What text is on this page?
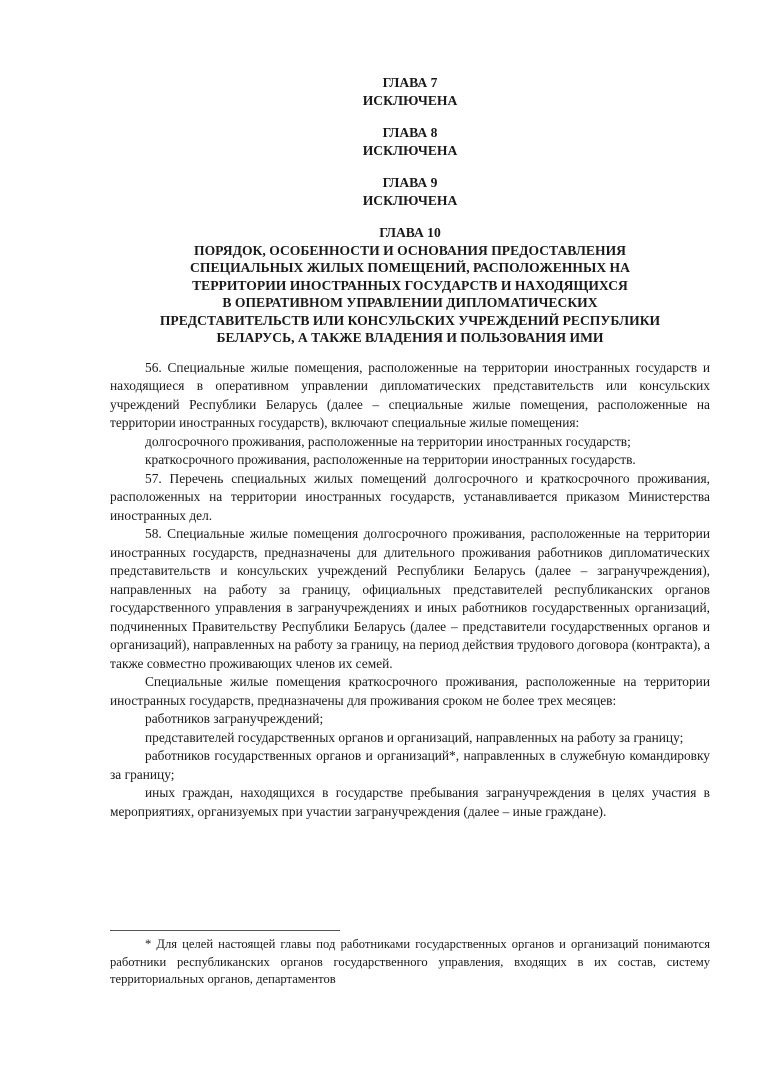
ГЛАВА 7
ИСКЛЮЧЕНА
ГЛАВА 8
ИСКЛЮЧЕНА
ГЛАВА 9
ИСКЛЮЧЕНА
ГЛАВА 10
ПОРЯДОК, ОСОБЕННОСТИ И ОСНОВАНИЯ ПРЕДОСТАВЛЕНИЯ
СПЕЦИАЛЬНЫХ ЖИЛЫХ ПОМЕЩЕНИЙ, РАСПОЛОЖЕННЫХ НА
ТЕРРИТОРИИ ИНОСТРАННЫХ ГОСУДАРСТВ И НАХОДЯЩИХСЯ
В ОПЕРАТИВНОМ УПРАВЛЕНИИ ДИПЛОМАТИЧЕСКИХ
ПРЕДСТАВИТЕЛЬСТВ ИЛИ КОНСУЛЬСКИХ УЧРЕЖДЕНИЙ РЕСПУБЛИКИ
БЕЛАРУСЬ, А ТАКЖЕ ВЛАДЕНИЯ И ПОЛЬЗОВАНИЯ ИМИ

56. Специальные жилые помещения, расположенные на территории иностранных государств и находящиеся в оперативном управлении дипломатических представительств или консульских учреждений Республики Беларусь (далее – специальные жилые помещения, расположенные на территории иностранных государств), включают специальные жилые помещения:

долгосрочного проживания, расположенные на территории иностранных государств;

краткосрочного проживания, расположенные на территории иностранных государств.

57. Перечень специальных жилых помещений долгосрочного и краткосрочного проживания, расположенных на территории иностранных государств, устанавливается приказом Министерства иностранных дел.

58. Специальные жилые помещения долгосрочного проживания, расположенные на территории иностранных государств, предназначены для длительного проживания работников дипломатических представительств и консульских учреждений Республики Беларусь (далее – загранучреждения), направленных на работу за границу, официальных представителей республиканских органов государственного управления в загранучреждениях и иных работников государственных организаций, подчиненных Правительству Республики Беларусь (далее – представители государственных органов и организаций), направленных на работу за границу, на период действия трудового договора (контракта), а также совместно проживающих членов их семей.

Специальные жилые помещения краткосрочного проживания, расположенные на территории иностранных государств, предназначены для проживания сроком не более трех месяцев:

работников загранучреждений;

представителей государственных органов и организаций, направленных на работу за границу;

работников государственных органов и организаций*, направленных в служебную командировку за границу;

иных граждан, находящихся в государстве пребывания загранучреждения в целях участия в мероприятиях, организуемых при участии загранучреждения (далее – иные граждане).

* Для целей настоящей главы под работниками государственных органов и организаций понимаются работники республиканских органов государственного управления, входящих в их состав, систему территориальных органов, департаментов
